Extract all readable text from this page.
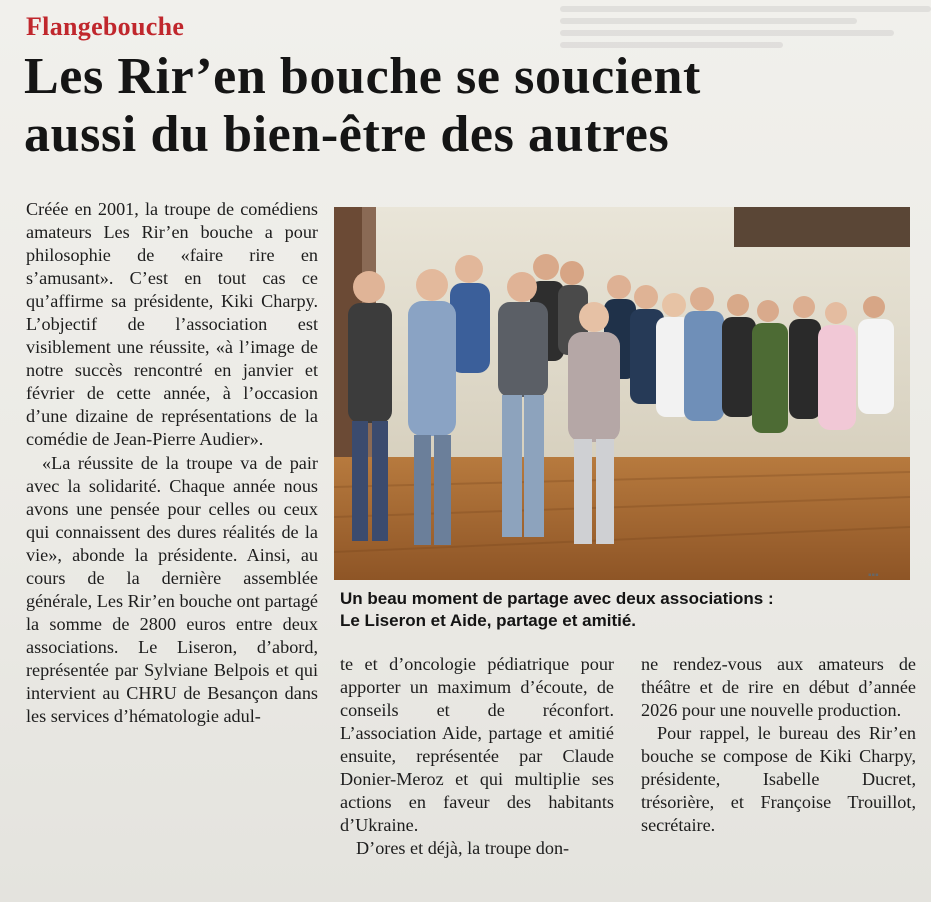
Flangebouche
Les Rir’en bouche se soucient
aussi du bien-être des autres

Créée en 2001, la troupe de comédiens amateurs Les Rir’en bouche a pour philosophie de «faire rire en s’amusant». C’est en tout cas ce qu’affirme sa présidente, Kiki Charpy. L’objectif de l’association est visiblement une réussite, «à l’image de notre succès rencontré en janvier et février de cette année, à l’occasion d’une dizaine de représentations de la comédie de Jean-Pierre Audier».

«La réussite de la troupe va de pair avec la solidarité. Chaque année nous avons une pensée pour celles ou ceux qui connaissent des dures réalités de la vie», abonde la présidente. Ainsi, au cours de la dernière assemblée générale, Les Rir’en bouche ont partagé la somme de 2800 euros entre deux associations. Le Liseron, d’abord, représentée par Sylviane Belpois et qui intervient au CHRU de Besançon dans les services d’hématologie adul-

▪▪▪
Un beau moment de partage avec deux associations :
Le Liseron et Aide, partage et amitié.

te et d’oncologie pédiatrique pour apporter un maximum d’écoute, de conseils et de réconfort. L’association Aide, partage et amitié ensuite, représentée par Claude Donier-Meroz et qui multiplie ses actions en faveur des habitants d’Ukraine.

D’ores et déjà, la troupe don-

ne rendez-vous aux amateurs de théâtre et de rire en début d’année 2026 pour une nouvelle production.

Pour rappel, le bureau des Rir’en bouche se compose de Kiki Charpy, présidente, Isabelle Ducret, trésorière, et Françoise Trouillot, secrétaire.
